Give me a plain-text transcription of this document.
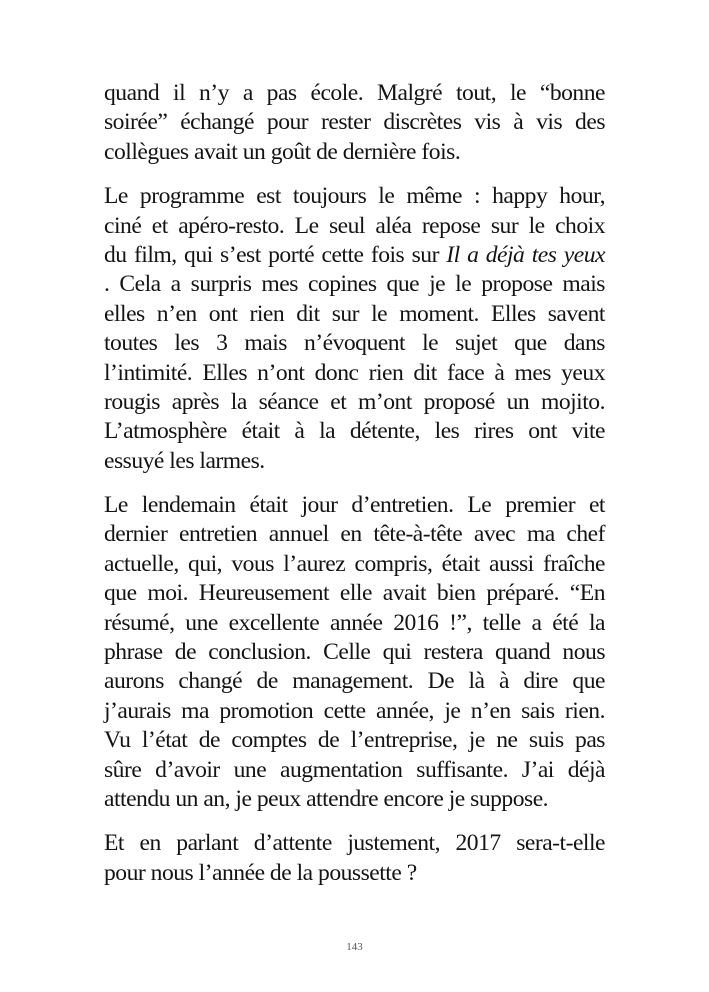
quand il n’y a pas école. Malgré tout, le “bonne
soirée” échangé pour rester discrètes vis à vis des
collègues avait un goût de dernière fois.
Le programme est toujours le même : happy hour,
ciné et apéro-resto. Le seul aléa repose sur le choix
du film, qui s’est porté cette fois sur Il a déjà tes yeux
. Cela a surpris mes copines que je le propose mais
elles n’en ont rien dit sur le moment. Elles savent
toutes les 3 mais n’évoquent le sujet que dans
l’intimité. Elles n’ont donc rien dit face à mes yeux
rougis après la séance et m’ont proposé un mojito.
L’atmosphère était à la détente, les rires ont vite
essuyé les larmes.
Le lendemain était jour d’entretien. Le premier et
dernier entretien annuel en tête-à-tête avec ma chef
actuelle, qui, vous l’aurez compris, était aussi fraîche
que moi. Heureusement elle avait bien préparé. “En
résumé, une excellente année 2016 !”, telle a été la
phrase de conclusion. Celle qui restera quand nous
aurons changé de management. De là à dire que
j’aurais ma promotion cette année, je n’en sais rien.
Vu l’état de comptes de l’entreprise, je ne suis pas
sûre d’avoir une augmentation suffisante. J’ai déjà
attendu un an, je peux attendre encore je suppose.
Et en parlant d’attente justement, 2017 sera-t-elle
pour nous l’année de la poussette ?
143
